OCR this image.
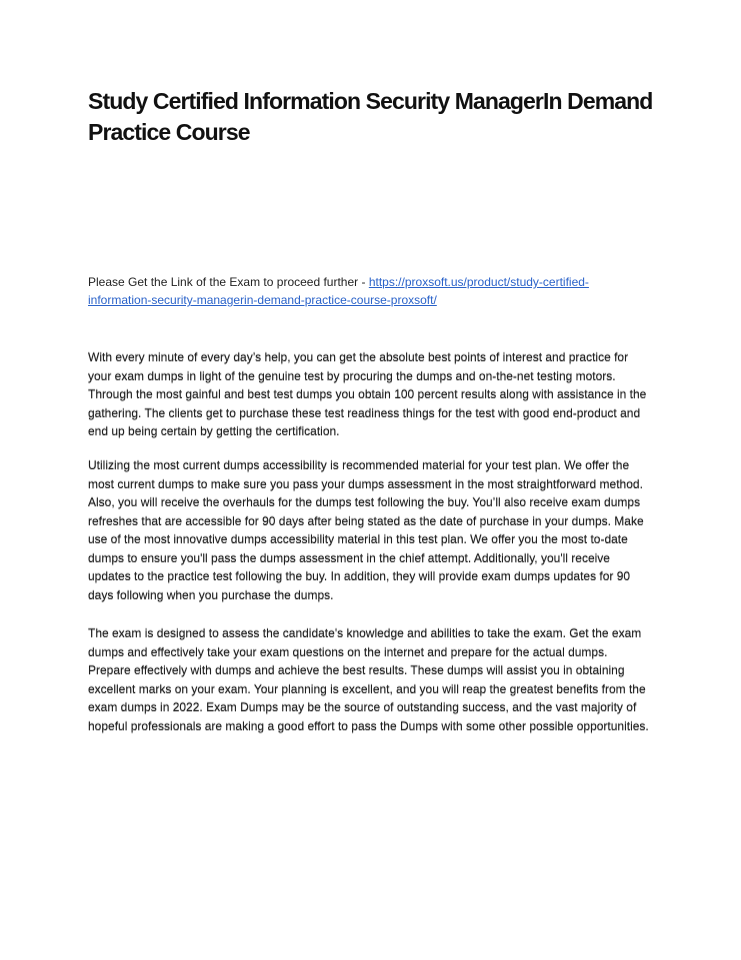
Study Certified Information Security ManagerIn Demand Practice Course

Please Get the Link of the Exam to proceed further - https://proxsoft.us/product/study-certified-information-security-managerin-demand-practice-course-proxsoft/

With every minute of every day’s help, you can get the absolute best points of interest and practice for your exam dumps in light of the genuine test by procuring the dumps and on-the-net testing motors. Through the most gainful and best test dumps you obtain 100 percent results along with assistance in the gathering. The clients get to purchase these test readiness things for the test with good end-product and end up being certain by getting the certification.

Utilizing the most current dumps accessibility is recommended material for your test plan. We offer the most current dumps to make sure you pass your dumps assessment in the most straightforward method. Also, you will receive the overhauls for the dumps test following the buy. You’ll also receive exam dumps refreshes that are accessible for 90 days after being stated as the date of purchase in your dumps. Make use of the most innovative dumps accessibility material in this test plan. We offer you the most to-date dumps to ensure you'll pass the dumps assessment in the chief attempt. Additionally, you'll receive updates to the practice test following the buy. In addition, they will provide exam dumps updates for 90 days following when you purchase the dumps.

The exam is designed to assess the candidate's knowledge and abilities to take the exam. Get the exam dumps and effectively take your exam questions on the internet and prepare for the actual dumps. Prepare effectively with dumps and achieve the best results. These dumps will assist you in obtaining excellent marks on your exam. Your planning is excellent, and you will reap the greatest benefits from the exam dumps in 2022. Exam Dumps may be the source of outstanding success, and the vast majority of hopeful professionals are making a good effort to pass the Dumps with some other possible opportunities.
